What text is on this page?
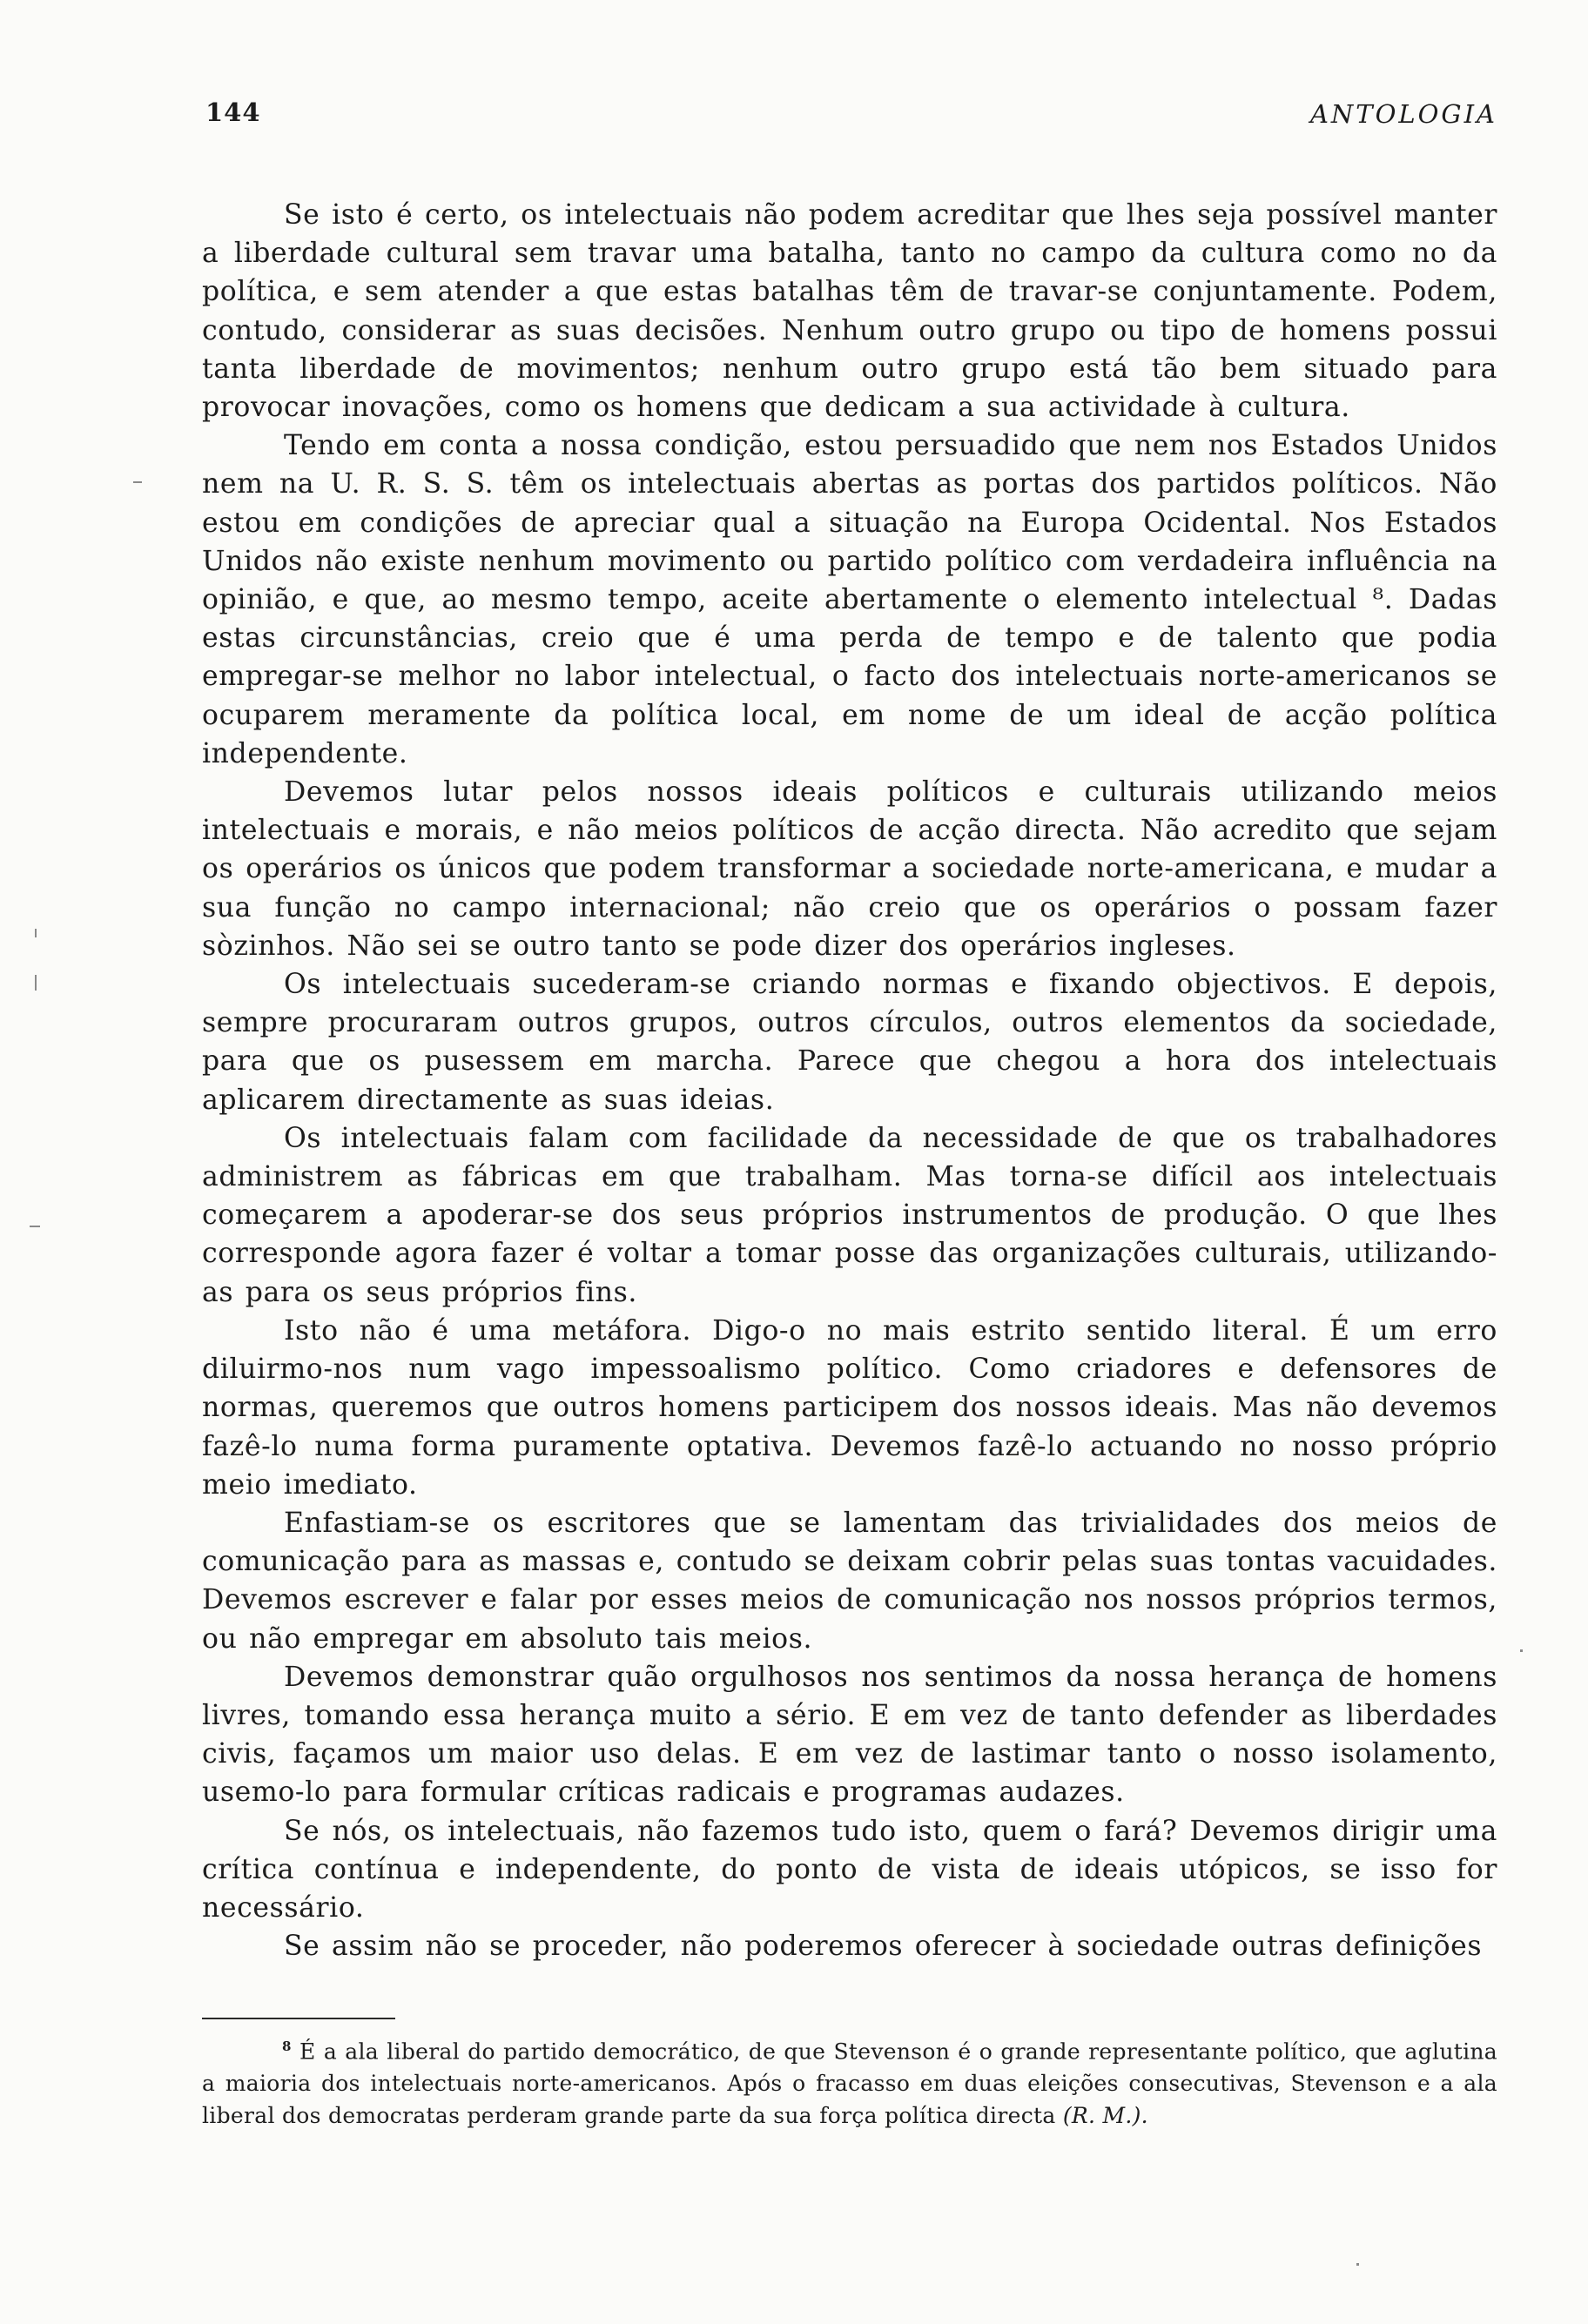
144	ANTOLOGIA

Se isto é certo, os intelectuais não podem acreditar que lhes seja possível manter a liberdade cultural sem travar uma batalha, tanto no campo da cultura como no da política, e sem atender a que estas batalhas têm de travar-se conjuntamente. Podem, contudo, considerar as suas decisões. Nenhum outro grupo ou tipo de homens possui tanta liberdade de movimentos; nenhum outro grupo está tão bem situado para provocar inovações, como os homens que dedicam a sua actividade à cultura.

Tendo em conta a nossa condição, estou persuadido que nem nos Estados Unidos nem na U. R. S. S. têm os intelectuais abertas as portas dos partidos políticos. Não estou em condições de apreciar qual a situação na Europa Ocidental. Nos Estados Unidos não existe nenhum movimento ou partido político com verdadeira influência na opinião, e que, ao mesmo tempo, aceite abertamente o elemento intelectual ⁸. Dadas estas circunstâncias, creio que é uma perda de tempo e de talento que podia empregar-se melhor no labor intelectual, o facto dos intelectuais norte-americanos se ocuparem meramente da política local, em nome de um ideal de acção política independente.

Devemos lutar pelos nossos ideais políticos e culturais utilizando meios intelectuais e morais, e não meios políticos de acção directa. Não acredito que sejam os operários os únicos que podem transformar a sociedade norte-americana, e mudar a sua função no campo internacional; não creio que os operários o possam fazer sòzinhos. Não sei se outro tanto se pode dizer dos operários ingleses.

Os intelectuais sucederam-se criando normas e fixando objectivos. E depois, sempre procuraram outros grupos, outros círculos, outros elementos da sociedade, para que os pusessem em marcha. Parece que chegou a hora dos intelectuais aplicarem directamente as suas ideias.

Os intelectuais falam com facilidade da necessidade de que os trabalhadores administrem as fábricas em que trabalham. Mas torna-se difícil aos intelectuais começarem a apoderar-se dos seus próprios instrumentos de produção. O que lhes corresponde agora fazer é voltar a tomar posse das organizações culturais, utilizando-as para os seus próprios fins.

Isto não é uma metáfora. Digo-o no mais estrito sentido literal. É um erro diluirmo-nos num vago impessoalismo político. Como criadores e defensores de normas, queremos que outros homens participem dos nossos ideais. Mas não devemos fazê-lo numa forma puramente optativa. Devemos fazê-lo actuando no nosso próprio meio imediato.

Enfastiam-se os escritores que se lamentam das trivialidades dos meios de comunicação para as massas e, contudo se deixam cobrir pelas suas tontas vacuidades. Devemos escrever e falar por esses meios de comunicação nos nossos próprios termos, ou não empregar em absoluto tais meios.

Devemos demonstrar quão orgulhosos nos sentimos da nossa herança de homens livres, tomando essa herança muito a sério. E em vez de tanto defender as liberdades civis, façamos um maior uso delas. E em vez de lastimar tanto o nosso isolamento, usemo-lo para formular críticas radicais e programas audazes.

Se nós, os intelectuais, não fazemos tudo isto, quem o fará? Devemos dirigir uma crítica contínua e independente, do ponto de vista de ideais utópicos, se isso for necessário.

Se assim não se proceder, não poderemos oferecer à sociedade outras definições

$^8$ É a ala liberal do partido democrático, de que Stevenson é o grande representante político, que aglutina a maioria dos intelectuais norte-americanos. Após o fracasso em duas eleições consecutivas, Stevenson e a ala liberal dos democratas perderam grande parte da sua força política directa (R. M.).
